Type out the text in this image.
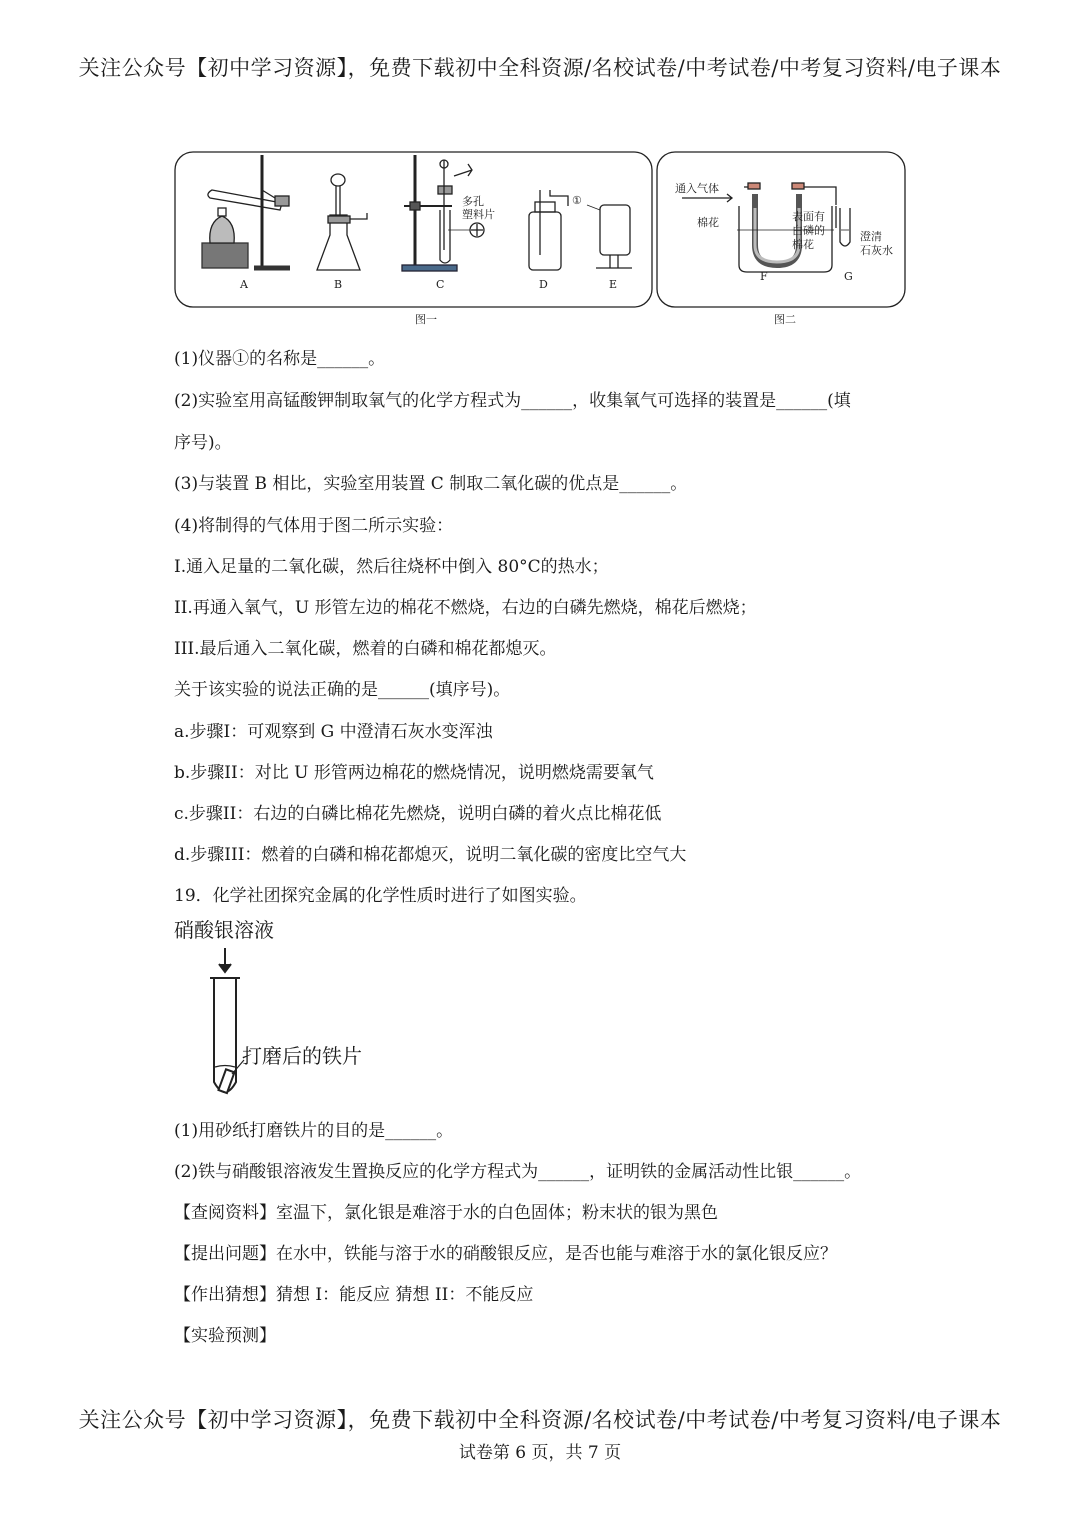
关注公众号【初中学习资源】，免费下载初中全科资源/名校试卷/中考试卷/中考复习资料/电子课本
A	B	C	D	E
多孔
塑料片
①
通入气体
棉花	表面有
白磷的
棉花
澄清
石灰水
F	G
图一	图二
(1)仪器①的名称是______。
(2)实验室用高锰酸钾制取氧气的化学方程式为______，收集氧气可选择的装置是______(填
序号)。
(3)与装置 B 相比，实验室用装置 C 制取二氧化碳的优点是______。
(4)将制得的气体用于图二所示实验：
I.通入足量的二氧化碳，然后往烧杯中倒入 80°C的热水；
II.再通入氧气，U 形管左边的棉花不燃烧，右边的白磷先燃烧，棉花后燃烧；
III.最后通入二氧化碳，燃着的白磷和棉花都熄灭。
关于该实验的说法正确的是______(填序号)。
a.步骤I：可观察到 G 中澄清石灰水变浑浊
b.步骤II：对比 U 形管两边棉花的燃烧情况，说明燃烧需要氧气
c.步骤II：右边的白磷比棉花先燃烧，说明白磷的着火点比棉花低
d.步骤III：燃着的白磷和棉花都熄灭，说明二氧化碳的密度比空气大
19．化学社团探究金属的化学性质时进行了如图实验。
硝酸银溶液
打磨后的铁片
(1)用砂纸打磨铁片的目的是______。
(2)铁与硝酸银溶液发生置换反应的化学方程式为______，证明铁的金属活动性比银______。
【查阅资料】室温下，氯化银是难溶于水的白色固体；粉末状的银为黑色
【提出问题】在水中，铁能与溶于水的硝酸银反应，是否也能与难溶于水的氯化银反应？
【作出猜想】猜想 I：能反应 猜想 II：不能反应
【实验预测】
关注公众号【初中学习资源】，免费下载初中全科资源/名校试卷/中考试卷/中考复习资料/电子课本
试卷第 6 页，共 7 页
